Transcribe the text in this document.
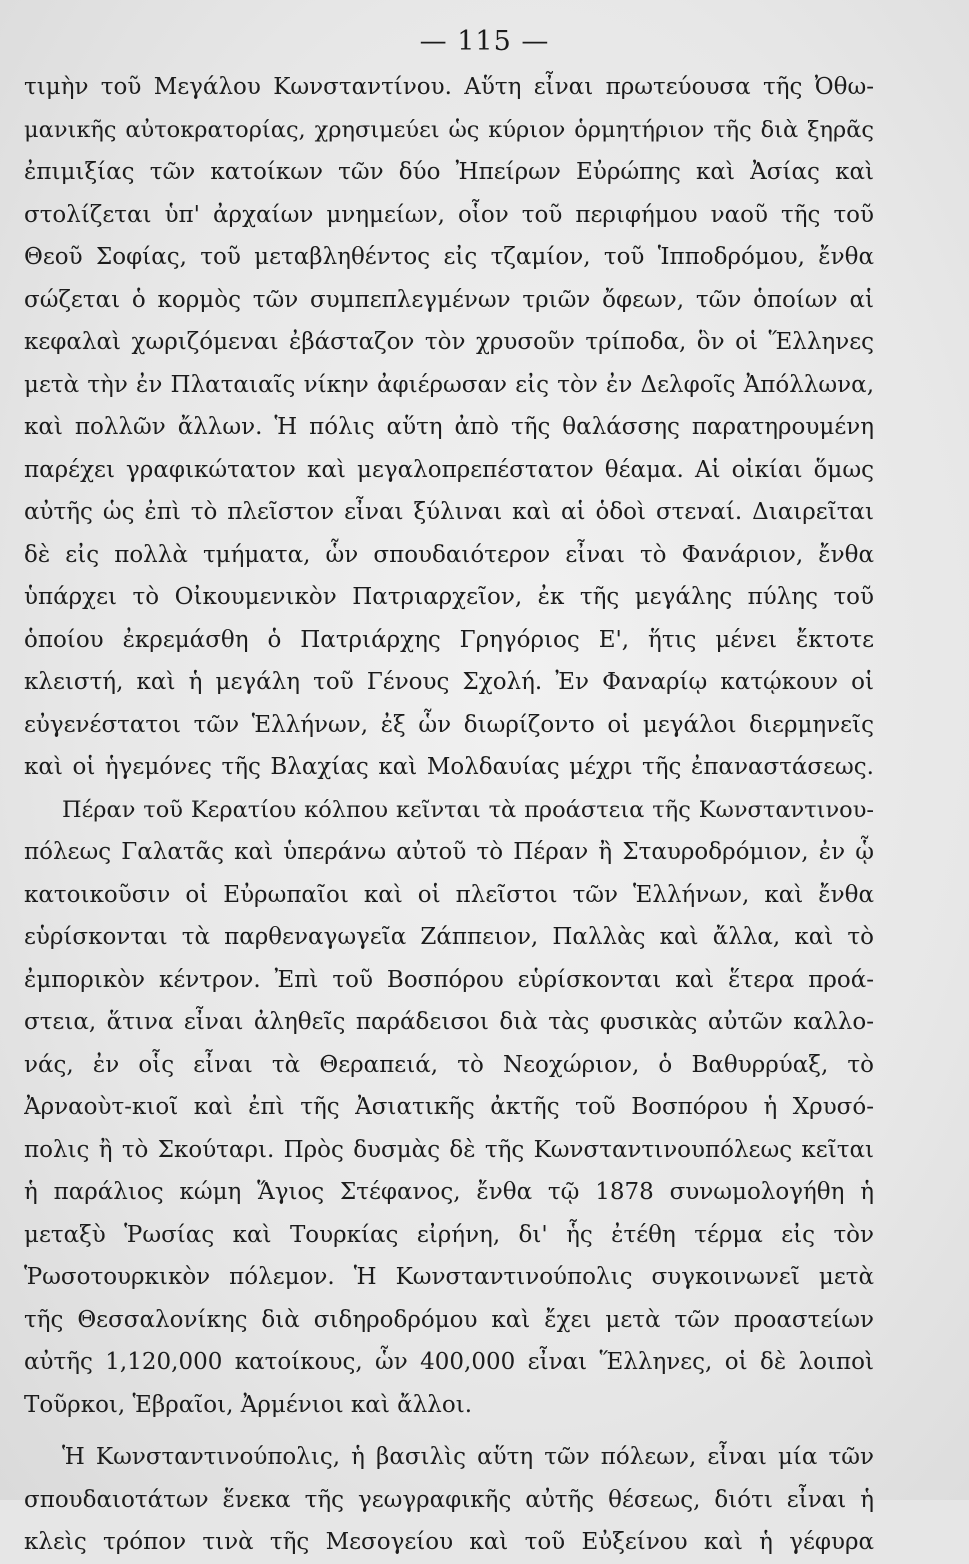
— 115 —
τιμὴν τοῦ Μεγάλου Κωνσταντίνου. Αὕτη εἶναι πρωτεύουσα τῆς Ὀθω-
μανικῆς αὐτοκρατορίας, χρησιμεύει ὡς κύριον ὁρμητήριον τῆς διὰ ξηρᾶς
ἐπιμιξίας τῶν κατοίκων τῶν δύο Ἠπείρων Εὐρώπης καὶ Ἀσίας καὶ
στολίζεται ὑπ' ἀρχαίων μνημείων, οἷον τοῦ περιφήμου ναοῦ τῆς τοῦ
Θεοῦ Σοφίας, τοῦ μεταβληθέντος εἰς τζαμίον, τοῦ Ἱπποδρόμου, ἔνθα
σώζεται ὁ κορμὸς τῶν συμπεπλεγμένων τριῶν ὄφεων, τῶν ὁποίων αἱ
κεφαλαὶ χωριζόμεναι ἐβάσταζον τὸν χρυσοῦν τρίποδα, ὃν οἱ Ἕλληνες
μετὰ τὴν ἐν Πλαταιαῖς νίκην ἀφιέρωσαν εἰς τὸν ἐν Δελφοῖς Ἀπόλλωνα,
καὶ πολλῶν ἄλλων. Ἡ πόλις αὕτη ἀπὸ τῆς θαλάσσης παρατηρουμένη
παρέχει γραφικώτατον καὶ μεγαλοπρεπέστατον θέαμα. Αἱ οἰκίαι ὅμως
αὐτῆς ὡς ἐπὶ τὸ πλεῖστον εἶναι ξύλιναι καὶ αἱ ὁδοὶ στεναί. Διαιρεῖται
δὲ εἰς πολλὰ τμήματα, ὧν σπουδαιότερον εἶναι τὸ Φανάριον, ἔνθα
ὑπάρχει τὸ Οἰκουμενικὸν Πατριαρχεῖον, ἐκ τῆς μεγάλης πύλης τοῦ
ὁποίου ἐκρεμάσθη ὁ Πατριάρχης Γρηγόριος Ε', ἥτις μένει ἔκτοτε
κλειστή, καὶ ἡ μεγάλη τοῦ Γένους Σχολή. Ἐν Φαναρίῳ κατῴκουν οἱ
εὐγενέστατοι τῶν Ἑλλήνων, ἐξ ὧν διωρίζοντο οἱ μεγάλοι διερμηνεῖς
καὶ οἱ ἡγεμόνες τῆς Βλαχίας καὶ Μολδαυίας μέχρι τῆς ἐπαναστάσεως.
Πέραν τοῦ Κερατίου κόλπου κεῖνται τὰ προάστεια τῆς Κωνσταντινου-
πόλεως Γαλατᾶς καὶ ὑπεράνω αὐτοῦ τὸ Πέραν ἢ Σταυροδρόμιον, ἐν ᾧ
κατοικοῦσιν οἱ Εὐρωπαῖοι καὶ οἱ πλεῖστοι τῶν Ἑλλήνων, καὶ ἔνθα
εὑρίσκονται τὰ παρθεναγωγεῖα Ζάππειον, Παλλὰς καὶ ἄλλα, καὶ τὸ
ἐμπορικὸν κέντρον. Ἐπὶ τοῦ Βοσπόρου εὑρίσκονται καὶ ἕτερα προά-
στεια, ἅτινα εἶναι ἀληθεῖς παράδεισοι διὰ τὰς φυσικὰς αὐτῶν καλλο-
νάς, ἐν οἷς εἶναι τὰ Θεραπειά, τὸ Νεοχώριον, ὁ Βαθυρρύαξ, τὸ
Ἀρναοὺτ-κιοῖ καὶ ἐπὶ τῆς Ἀσιατικῆς ἀκτῆς τοῦ Βοσπόρου ἡ Χρυσό-
πολις ἢ τὸ Σκούταρι. Πρὸς δυσμὰς δὲ τῆς Κωνσταντινουπόλεως κεῖται
ἡ παράλιος κώμη Ἅγιος Στέφανος, ἔνθα τῷ 1878 συνωμολογήθη ἡ
μεταξὺ Ῥωσίας καὶ Τουρκίας εἰρήνη, δι' ἧς ἐτέθη τέρμα εἰς τὸν
Ῥωσοτουρκικὸν πόλεμον. Ἡ Κωνσταντινούπολις συγκοινωνεῖ μετὰ
τῆς Θεσσαλονίκης διὰ σιδηροδρόμου καὶ ἔχει μετὰ τῶν προαστείων
αὐτῆς 1,120,000 κατοίκους, ὧν 400,000 εἶναι Ἕλληνες, οἱ δὲ λοιποὶ
Τοῦρκοι, Ἑβραῖοι, Ἀρμένιοι καὶ ἄλλοι.
Ἡ Κωνσταντινούπολις, ἡ βασιλὶς αὕτη τῶν πόλεων, εἶναι μία τῶν
σπουδαιοτάτων ἕνεκα τῆς γεωγραφικῆς αὐτῆς θέσεως, διότι εἶναι ἡ
κλεὶς τρόπον τινὰ τῆς Μεσογείου καὶ τοῦ Εὐξείνου καὶ ἡ γέφυρα
